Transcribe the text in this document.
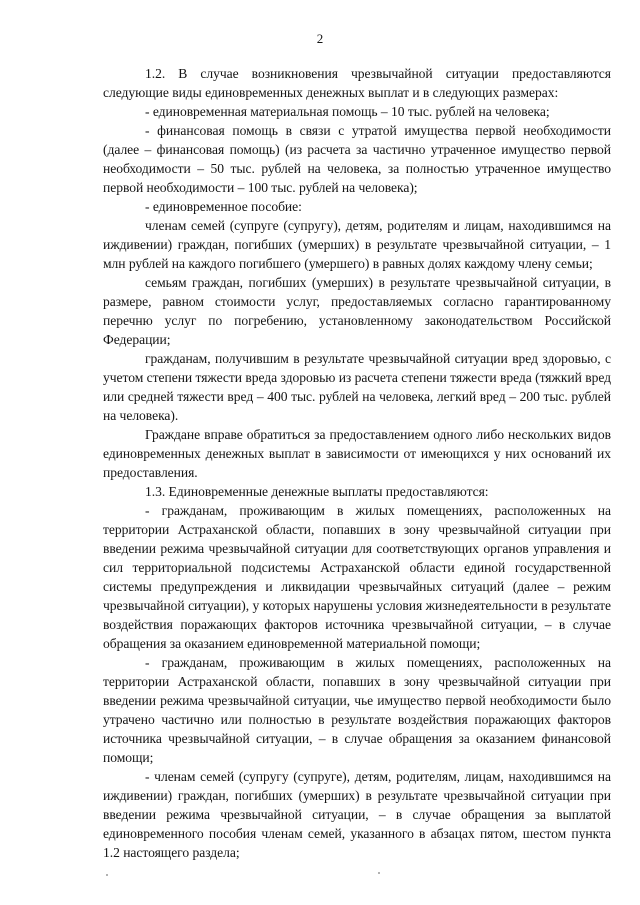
2

1.2. В случае возникновения чрезвычайной ситуации предоставляются следующие виды единовременных денежных выплат и в следующих размерах:

- единовременная материальная помощь – 10 тыс. рублей на человека;

- финансовая помощь в связи с утратой имущества первой необходимости (далее – финансовая помощь) (из расчета за частично утраченное имущество первой необходимости – 50 тыс. рублей на человека, за полностью утраченное имущество первой необходимости – 100 тыс. рублей на человека);

- единовременное пособие:

членам семей (супруге (супругу), детям, родителям и лицам, находившимся на иждивении) граждан, погибших (умерших) в результате чрезвычайной ситуации, – 1 млн рублей на каждого погибшего (умершего) в равных долях каждому члену семьи;

семьям граждан, погибших (умерших) в результате чрезвычайной ситуации, в размере, равном стоимости услуг, предоставляемых согласно гарантированному перечню услуг по погребению, установленному законодательством Российской Федерации;

гражданам, получившим в результате чрезвычайной ситуации вред здоровью, с учетом степени тяжести вреда здоровью из расчета степени тяжести вреда (тяжкий вред или средней тяжести вред – 400 тыс. рублей на человека, легкий вред – 200 тыс. рублей на человека).

Граждане вправе обратиться за предоставлением одного либо нескольких видов единовременных денежных выплат в зависимости от имеющихся у них оснований их предоставления.

1.3. Единовременные денежные выплаты предоставляются:

- гражданам, проживающим в жилых помещениях, расположенных на территории Астраханской области, попавших в зону чрезвычайной ситуации при введении режима чрезвычайной ситуации для соответствующих органов управления и сил территориальной подсистемы Астраханской области единой государственной системы предупреждения и ликвидации чрезвычайных ситуаций (далее – режим чрезвычайной ситуации), у которых нарушены условия жизнедеятельности в результате воздействия поражающих факторов источника чрезвычайной ситуации, – в случае обращения за оказанием единовременной материальной помощи;

- гражданам, проживающим в жилых помещениях, расположенных на территории Астраханской области, попавших в зону чрезвычайной ситуации при введении режима чрезвычайной ситуации, чье имущество первой необходимости было утрачено частично или полностью в результате воздействия поражающих факторов источника чрезвычайной ситуации, – в случае обращения за оказанием финансовой помощи;

- членам семей (супругу (супруге), детям, родителям, лицам, находившимся на иждивении) граждан, погибших (умерших) в результате чрезвычайной ситуации при введении режима чрезвычайной ситуации, – в случае обращения за выплатой единовременного пособия членам семей, указанного в абзацах пятом, шестом пункта 1.2 настоящего раздела;
